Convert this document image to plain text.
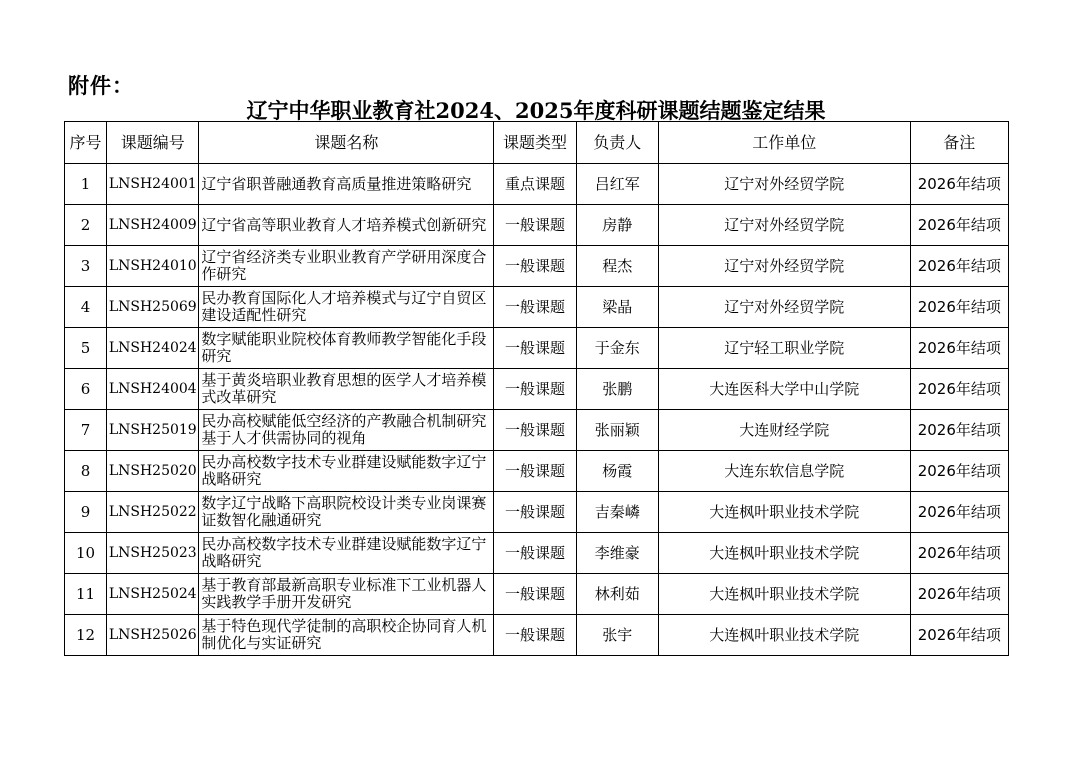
附件：
辽宁中华职业教育社2024、2025年度科研课题结题鉴定结果
序号	课题编号	课题名称	课题类型	负责人	工作单位	备注
1	LNSH24001	辽宁省职普融通教育高质量推进策略研究	重点课题	吕红军	辽宁对外经贸学院	2026年结项
2	LNSH24009	辽宁省高等职业教育人才培养模式创新研究	一般课题	房静	辽宁对外经贸学院	2026年结项
3	LNSH24010	辽宁省经济类专业职业教育产学研用深度合作研究	一般课题	程杰	辽宁对外经贸学院	2026年结项
4	LNSH25069	民办教育国际化人才培养模式与辽宁自贸区建设适配性研究	一般课题	梁晶	辽宁对外经贸学院	2026年结项
5	LNSH24024	数字赋能职业院校体育教师教学智能化手段研究	一般课题	于金东	辽宁轻工职业学院	2026年结项
6	LNSH24004	基于黄炎培职业教育思想的医学人才培养模式改革研究	一般课题	张鹏	大连医科大学中山学院	2026年结项
7	LNSH25019	民办高校赋能低空经济的产教融合机制研究基于人才供需协同的视角	一般课题	张丽颖	大连财经学院	2026年结项
8	LNSH25020	民办高校数字技术专业群建设赋能数字辽宁战略研究	一般课题	杨霞	大连东软信息学院	2026年结项
9	LNSH25022	数字辽宁战略下高职院校设计类专业岗课赛证数智化融通研究	一般课题	吉秦嶙	大连枫叶职业技术学院	2026年结项
10	LNSH25023	民办高校数字技术专业群建设赋能数字辽宁战略研究	一般课题	李维豪	大连枫叶职业技术学院	2026年结项
11	LNSH25024	基于教育部最新高职专业标准下工业机器人实践教学手册开发研究	一般课题	林利茹	大连枫叶职业技术学院	2026年结项
12	LNSH25026	基于特色现代学徒制的高职校企协同育人机制优化与实证研究	一般课题	张宇	大连枫叶职业技术学院	2026年结项
